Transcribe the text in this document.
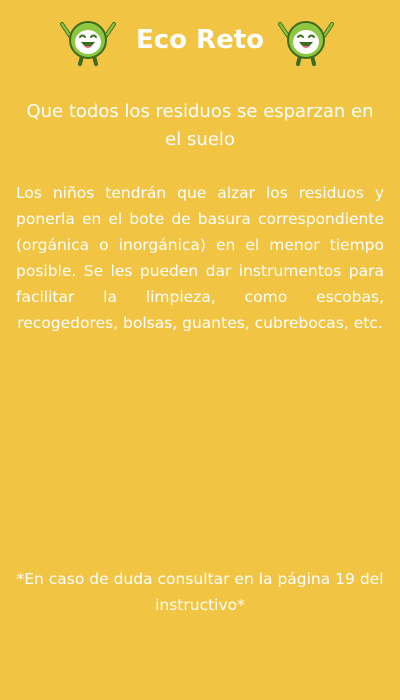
Eco Reto
Que todos los residuos se esparzan en el suelo
Los niños tendrán que alzar los residuos y ponerla en el bote de basura correspondiente (orgánica o inorgánica) en el menor tiempo posible. Se les pueden dar instrumentos para facilitar la limpieza, como escobas, recogedores, bolsas, guantes, cubrebocas, etc.
*En caso de duda consultar en la página 19 del instructivo*
